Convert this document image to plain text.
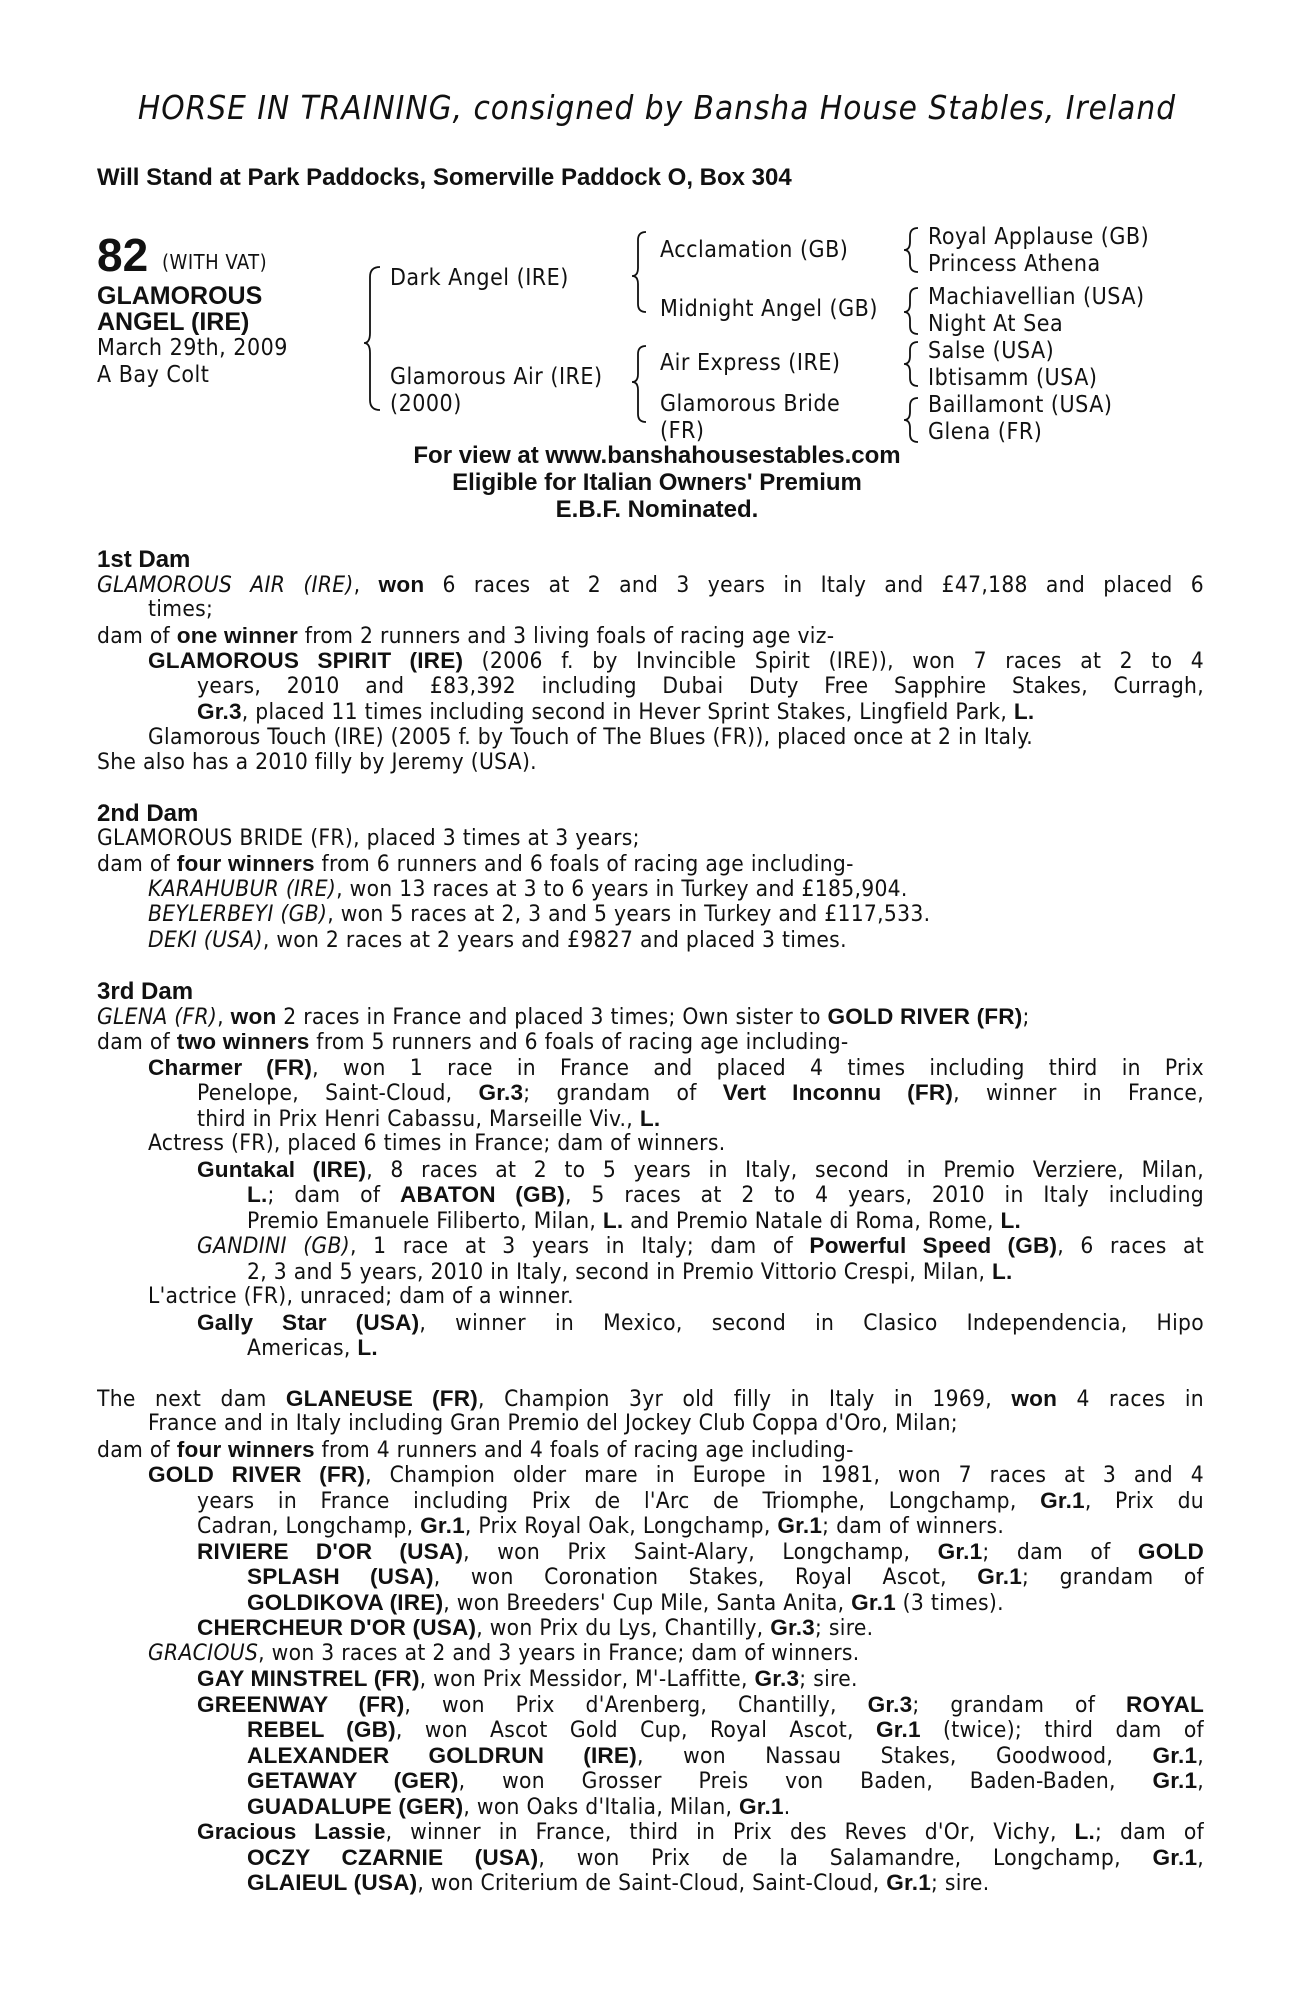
HORSE IN TRAINING, consigned by Bansha House Stables, Ireland
Will Stand at Park Paddocks, Somerville Paddock O, Box 304
82 (WITH VAT)
GLAMOROUS
ANGEL (IRE)
March 29th, 2009
A Bay Colt
Dark Angel (IRE)
Glamorous Air (IRE)
(2000)
Acclamation (GB)
Midnight Angel (GB)
Air Express (IRE)
Glamorous Bride
(FR)
Royal Applause (GB)
Princess Athena
Machiavellian (USA)
Night At Sea
Salse (USA)
Ibtisamm (USA)
Baillamont (USA)
Glena (FR)
For view at www.banshahousestables.com
Eligible for Italian Owners' Premium
E.B.F. Nominated.
1st Dam
GLAMOROUS AIR (IRE), won 6 races at 2 and 3 years in Italy and £47,188 and placed 6
times;
dam of one winner from 2 runners and 3 living foals of racing age viz-
GLAMOROUS SPIRIT (IRE) (2006 f. by Invincible Spirit (IRE)), won 7 races at 2 to 4
years, 2010 and £83,392 including Dubai Duty Free Sapphire Stakes, Curragh,
Gr.3, placed 11 times including second in Hever Sprint Stakes, Lingfield Park, L.
Glamorous Touch (IRE) (2005 f. by Touch of The Blues (FR)), placed once at 2 in Italy.
She also has a 2010 filly by Jeremy (USA).
2nd Dam
GLAMOROUS BRIDE (FR), placed 3 times at 3 years;
dam of four winners from 6 runners and 6 foals of racing age including-
KARAHUBUR (IRE), won 13 races at 3 to 6 years in Turkey and £185,904.
BEYLERBEYI (GB), won 5 races at 2, 3 and 5 years in Turkey and £117,533.
DEKI (USA), won 2 races at 2 years and £9827 and placed 3 times.
3rd Dam
GLENA (FR), won 2 races in France and placed 3 times; Own sister to GOLD RIVER (FR);
dam of two winners from 5 runners and 6 foals of racing age including-
Charmer (FR), won 1 race in France and placed 4 times including third in Prix
Penelope, Saint-Cloud, Gr.3; grandam of Vert Inconnu (FR), winner in France,
third in Prix Henri Cabassu, Marseille Viv., L.
Actress (FR), placed 6 times in France; dam of winners.
Guntakal (IRE), 8 races at 2 to 5 years in Italy, second in Premio Verziere, Milan,
L.; dam of ABATON (GB), 5 races at 2 to 4 years, 2010 in Italy including
Premio Emanuele Filiberto, Milan, L. and Premio Natale di Roma, Rome, L.
GANDINI (GB), 1 race at 3 years in Italy; dam of Powerful Speed (GB), 6 races at
2, 3 and 5 years, 2010 in Italy, second in Premio Vittorio Crespi, Milan, L.
L'actrice (FR), unraced; dam of a winner.
Gally Star (USA), winner in Mexico, second in Clasico Independencia, Hipo
Americas, L.
The next dam GLANEUSE (FR), Champion 3yr old filly in Italy in 1969, won 4 races in
France and in Italy including Gran Premio del Jockey Club Coppa d'Oro, Milan;
dam of four winners from 4 runners and 4 foals of racing age including-
GOLD RIVER (FR), Champion older mare in Europe in 1981, won 7 races at 3 and 4
years in France including Prix de l'Arc de Triomphe, Longchamp, Gr.1, Prix du
Cadran, Longchamp, Gr.1, Prix Royal Oak, Longchamp, Gr.1; dam of winners.
RIVIERE D'OR (USA), won Prix Saint-Alary, Longchamp, Gr.1; dam of GOLD
SPLASH (USA), won Coronation Stakes, Royal Ascot, Gr.1; grandam of
GOLDIKOVA (IRE), won Breeders' Cup Mile, Santa Anita, Gr.1 (3 times).
CHERCHEUR D'OR (USA), won Prix du Lys, Chantilly, Gr.3; sire.
GRACIOUS, won 3 races at 2 and 3 years in France; dam of winners.
GAY MINSTREL (FR), won Prix Messidor, M'-Laffitte, Gr.3; sire.
GREENWAY (FR), won Prix d'Arenberg, Chantilly, Gr.3; grandam of ROYAL
REBEL (GB), won Ascot Gold Cup, Royal Ascot, Gr.1 (twice); third dam of
ALEXANDER GOLDRUN (IRE), won Nassau Stakes, Goodwood, Gr.1,
GETAWAY (GER), won Grosser Preis von Baden, Baden-Baden, Gr.1,
GUADALUPE (GER), won Oaks d'Italia, Milan, Gr.1.
Gracious Lassie, winner in France, third in Prix des Reves d'Or, Vichy, L.; dam of
OCZY CZARNIE (USA), won Prix de la Salamandre, Longchamp, Gr.1,
GLAIEUL (USA), won Criterium de Saint-Cloud, Saint-Cloud, Gr.1; sire.
